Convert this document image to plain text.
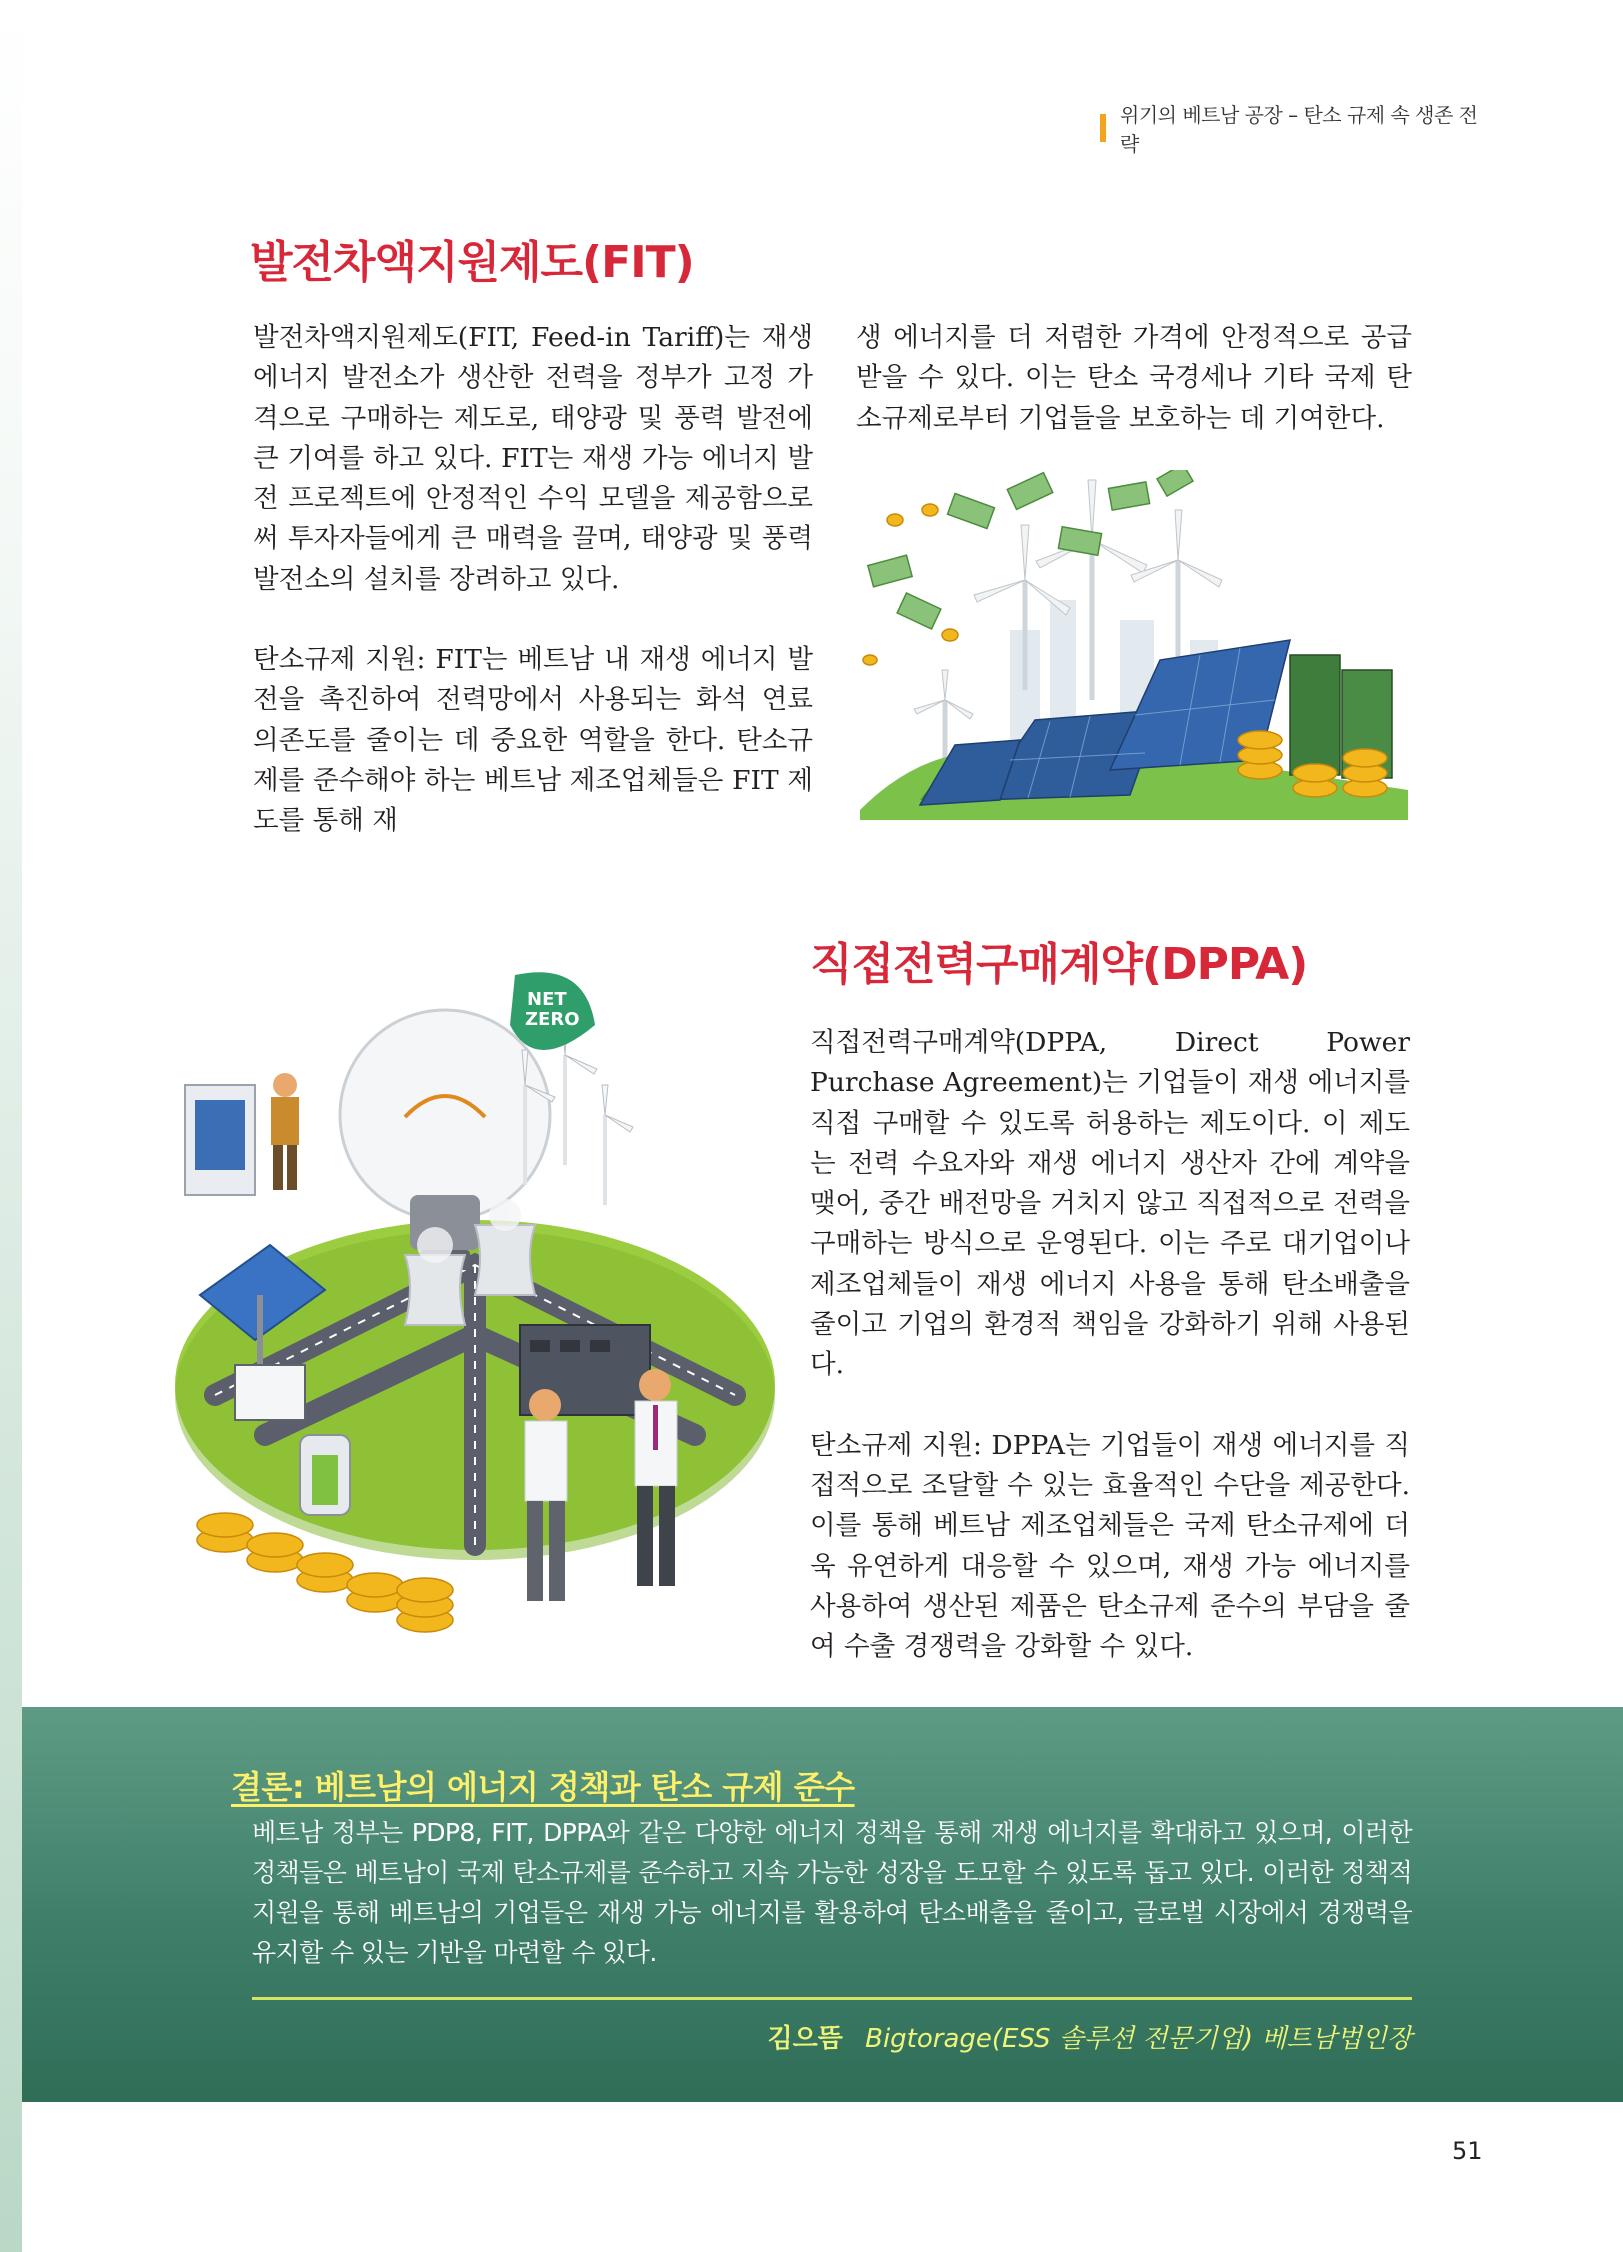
위기의 베트남 공장 – 탄소 규제 속 생존 전략
발전차액지원제도(FIT)

발전차액지원제도(FIT, Feed-in Tariff)는 재생 에너지 발전소가 생산한 전력을 정부가 고정 가격으로 구매하는 제도로, 태양광 및 풍력 발전에 큰 기여를 하고 있다. FIT는 재생 가능 에너지 발전 프로젝트에 안정적인 수익 모델을 제공함으로써 투자자들에게 큰 매력을 끌며, 태양광 및 풍력 발전소의 설치를 장려하고 있다.

탄소규제 지원: FIT는 베트남 내 재생 에너지 발전을 촉진하여 전력망에서 사용되는 화석 연료 의존도를 줄이는 데 중요한 역할을 한다. 탄소규제를 준수해야 하는 베트남 제조업체들은 FIT 제도를 통해 재

생 에너지를 더 저렴한 가격에 안정적으로 공급받을 수 있다. 이는 탄소 국경세나 기타 국제 탄소규제로부터 기업들을 보호하는 데 기여한다.

직접전력구매계약(DPPA)

직접전력구매계약(DPPA, Direct Power Purchase Agreement)는 기업들이 재생 에너지를 직접 구매할 수 있도록 허용하는 제도이다. 이 제도는 전력 수요자와 재생 에너지 생산자 간에 계약을 맺어, 중간 배전망을 거치지 않고 직접적으로 전력을 구매하는 방식으로 운영된다. 이는 주로 대기업이나 제조업체들이 재생 에너지 사용을 통해 탄소배출을 줄이고 기업의 환경적 책임을 강화하기 위해 사용된다.

탄소규제 지원: DPPA는 기업들이 재생 에너지를 직접적으로 조달할 수 있는 효율적인 수단을 제공한다. 이를 통해 베트남 제조업체들은 국제 탄소규제에 더욱 유연하게 대응할 수 있으며, 재생 가능 에너지를 사용하여 생산된 제품은 탄소규제 준수의 부담을 줄여 수출 경쟁력을 강화할 수 있다.

NET
ZERO
결론: 베트남의 에너지 정책과 탄소 규제 준수

베트남 정부는 PDP8, FIT, DPPA와 같은 다양한 에너지 정책을 통해 재생 에너지를 확대하고 있으며, 이러한 정책들은 베트남이 국제 탄소규제를 준수하고 지속 가능한 성장을 도모할 수 있도록 돕고 있다. 이러한 정책적 지원을 통해 베트남의 기업들은 재생 가능 에너지를 활용하여 탄소배출을 줄이고, 글로벌 시장에서 경쟁력을 유지할 수 있는 기반을 마련할 수 있다.

김으뜸 Bigtorage(ESS 솔루션 전문기업) 베트남법인장
51
